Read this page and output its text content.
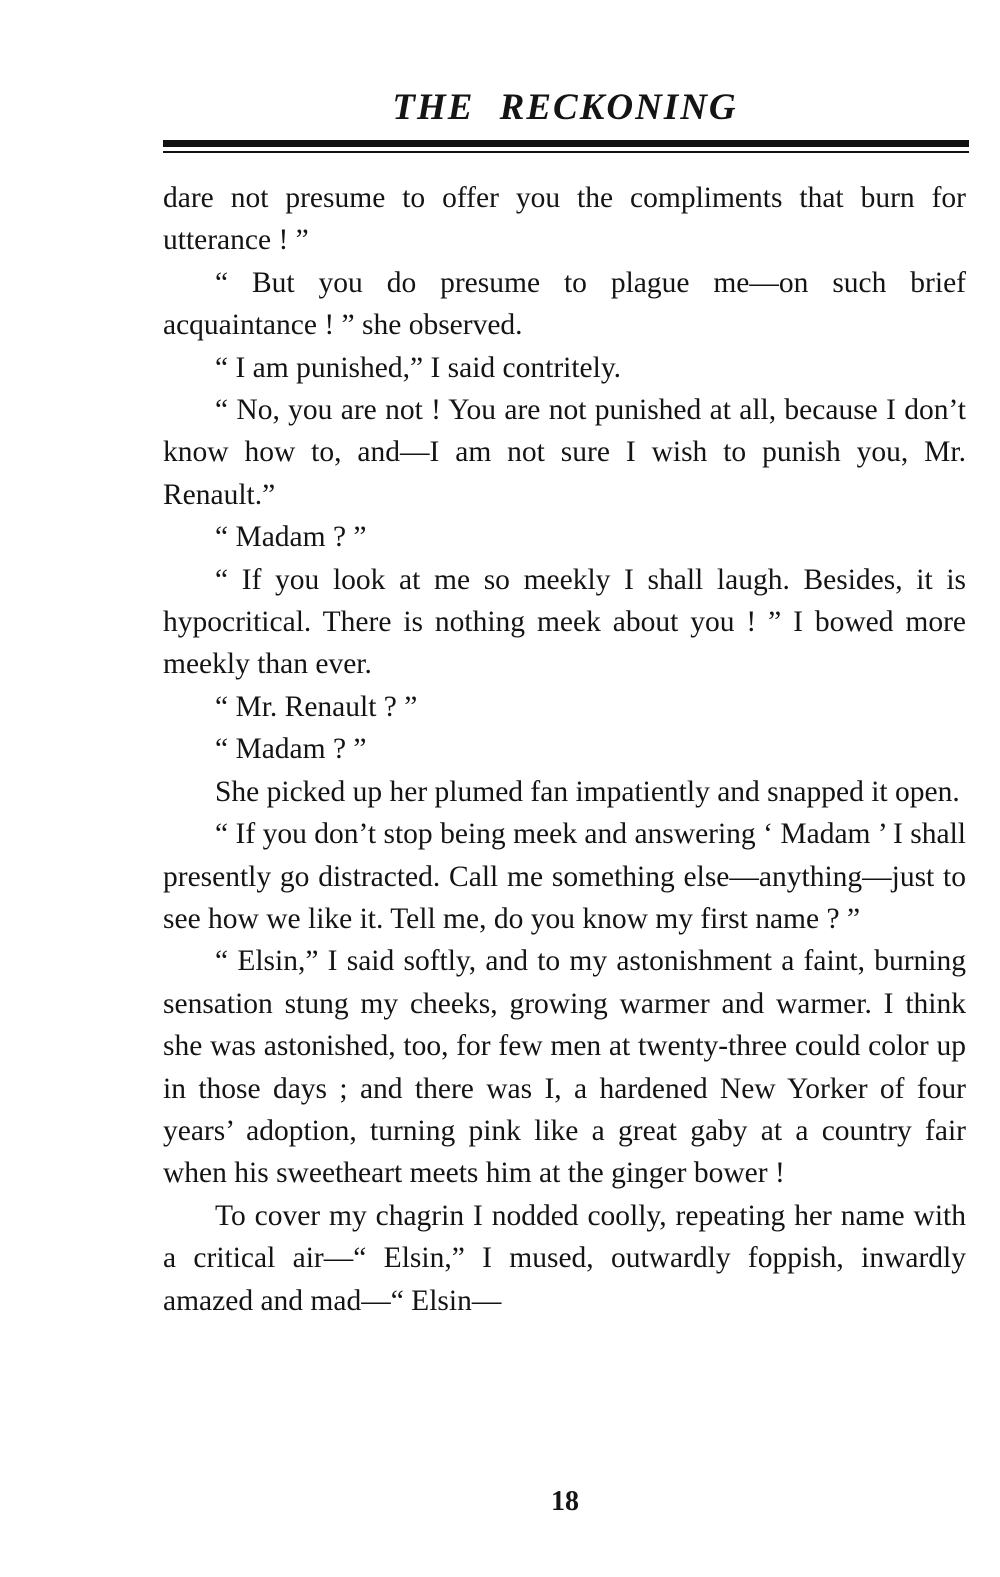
THE RECKONING

dare not presume to offer you the compliments that burn for utterance ! ”

“ But you do presume to plague me—on such brief acquaintance ! ” she observed.

“ I am punished,” I said contritely.

“ No, you are not ! You are not punished at all, because I don’t know how to, and—I am not sure I wish to punish you, Mr. Renault.”

“ Madam ? ”

“ If you look at me so meekly I shall laugh. Besides, it is hypocritical. There is nothing meek about you ! ” I bowed more meekly than ever.

“ Mr. Renault ? ”

“ Madam ? ”

She picked up her plumed fan impatiently and snapped it open.

“ If you don’t stop being meek and answering ‘ Madam ’ I shall presently go distracted. Call me something else—anything—just to see how we like it. Tell me, do you know my first name ? ”

“ Elsin,” I said softly, and to my astonishment a faint, burning sensation stung my cheeks, growing warmer and warmer. I think she was astonished, too, for few men at twenty-three could color up in those days ; and there was I, a hardened New Yorker of four years’ adoption, turning pink like a great gaby at a country fair when his sweetheart meets him at the ginger bower !

To cover my chagrin I nodded coolly, repeating her name with a critical air—“ Elsin,” I mused, outwardly foppish, inwardly amazed and mad—“ Elsin—

18
